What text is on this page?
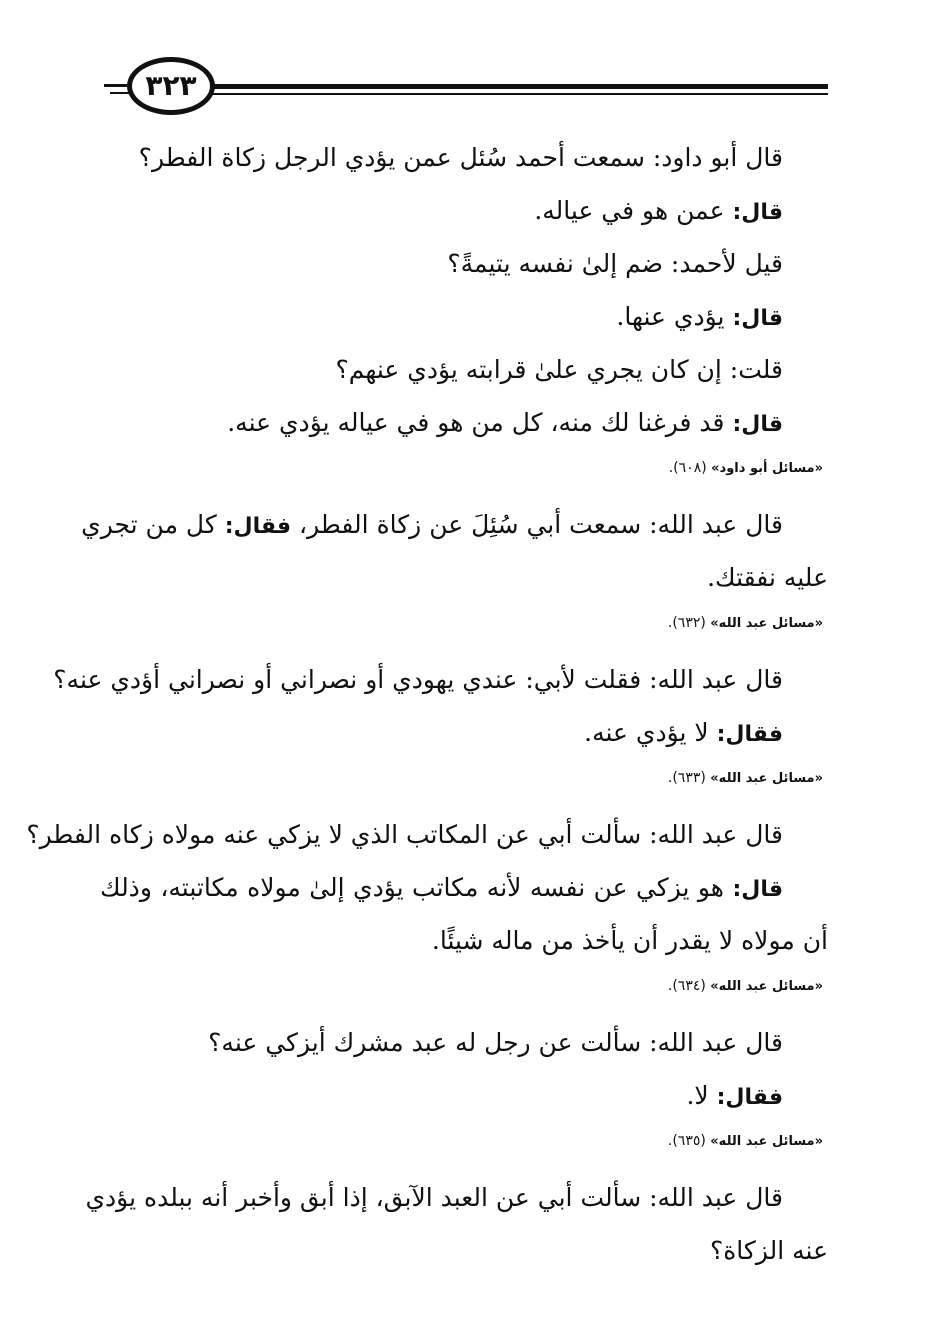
٣٢٣
قال أبو داود: سمعت أحمد سُئل عمن يؤدي الرجل زكاة الفطر؟
قال: عمن هو في عياله.
قيل لأحمد: ضم إلىٰ نفسه يتيمةً؟
قال: يؤدي عنها.
قلت: إن كان يجري علىٰ قرابته يؤدي عنهم؟
قال: قد فرغنا لك منه، كل من هو في عياله يؤدي عنه.
«مسائل أبو داود» (٦٠٨).
قال عبد الله: سمعت أبي سُئِلَ عن زكاة الفطر، فقال: كل من تجري
عليه نفقتك.
«مسائل عبد الله» (٦٣٢).
قال عبد الله: فقلت لأبي: عندي يهودي أو نصراني أو نصراني أؤدي عنه؟
فقال: لا يؤدي عنه.
«مسائل عبد الله» (٦٣٣).
قال عبد الله: سألت أبي عن المكاتب الذي لا يزكي عنه مولاه زكاه الفطر؟
قال: هو يزكي عن نفسه لأنه مكاتب يؤدي إلىٰ مولاه مكاتبته، وذلك
أن مولاه لا يقدر أن يأخذ من ماله شيئًا.
«مسائل عبد الله» (٦٣٤).
قال عبد الله: سألت عن رجل له عبد مشرك أيزكي عنه؟
فقال: لا.
«مسائل عبد الله» (٦٣٥).
قال عبد الله: سألت أبي عن العبد الآبق، إذا أبق وأخبر أنه ببلده يؤدي
عنه الزكاة؟
